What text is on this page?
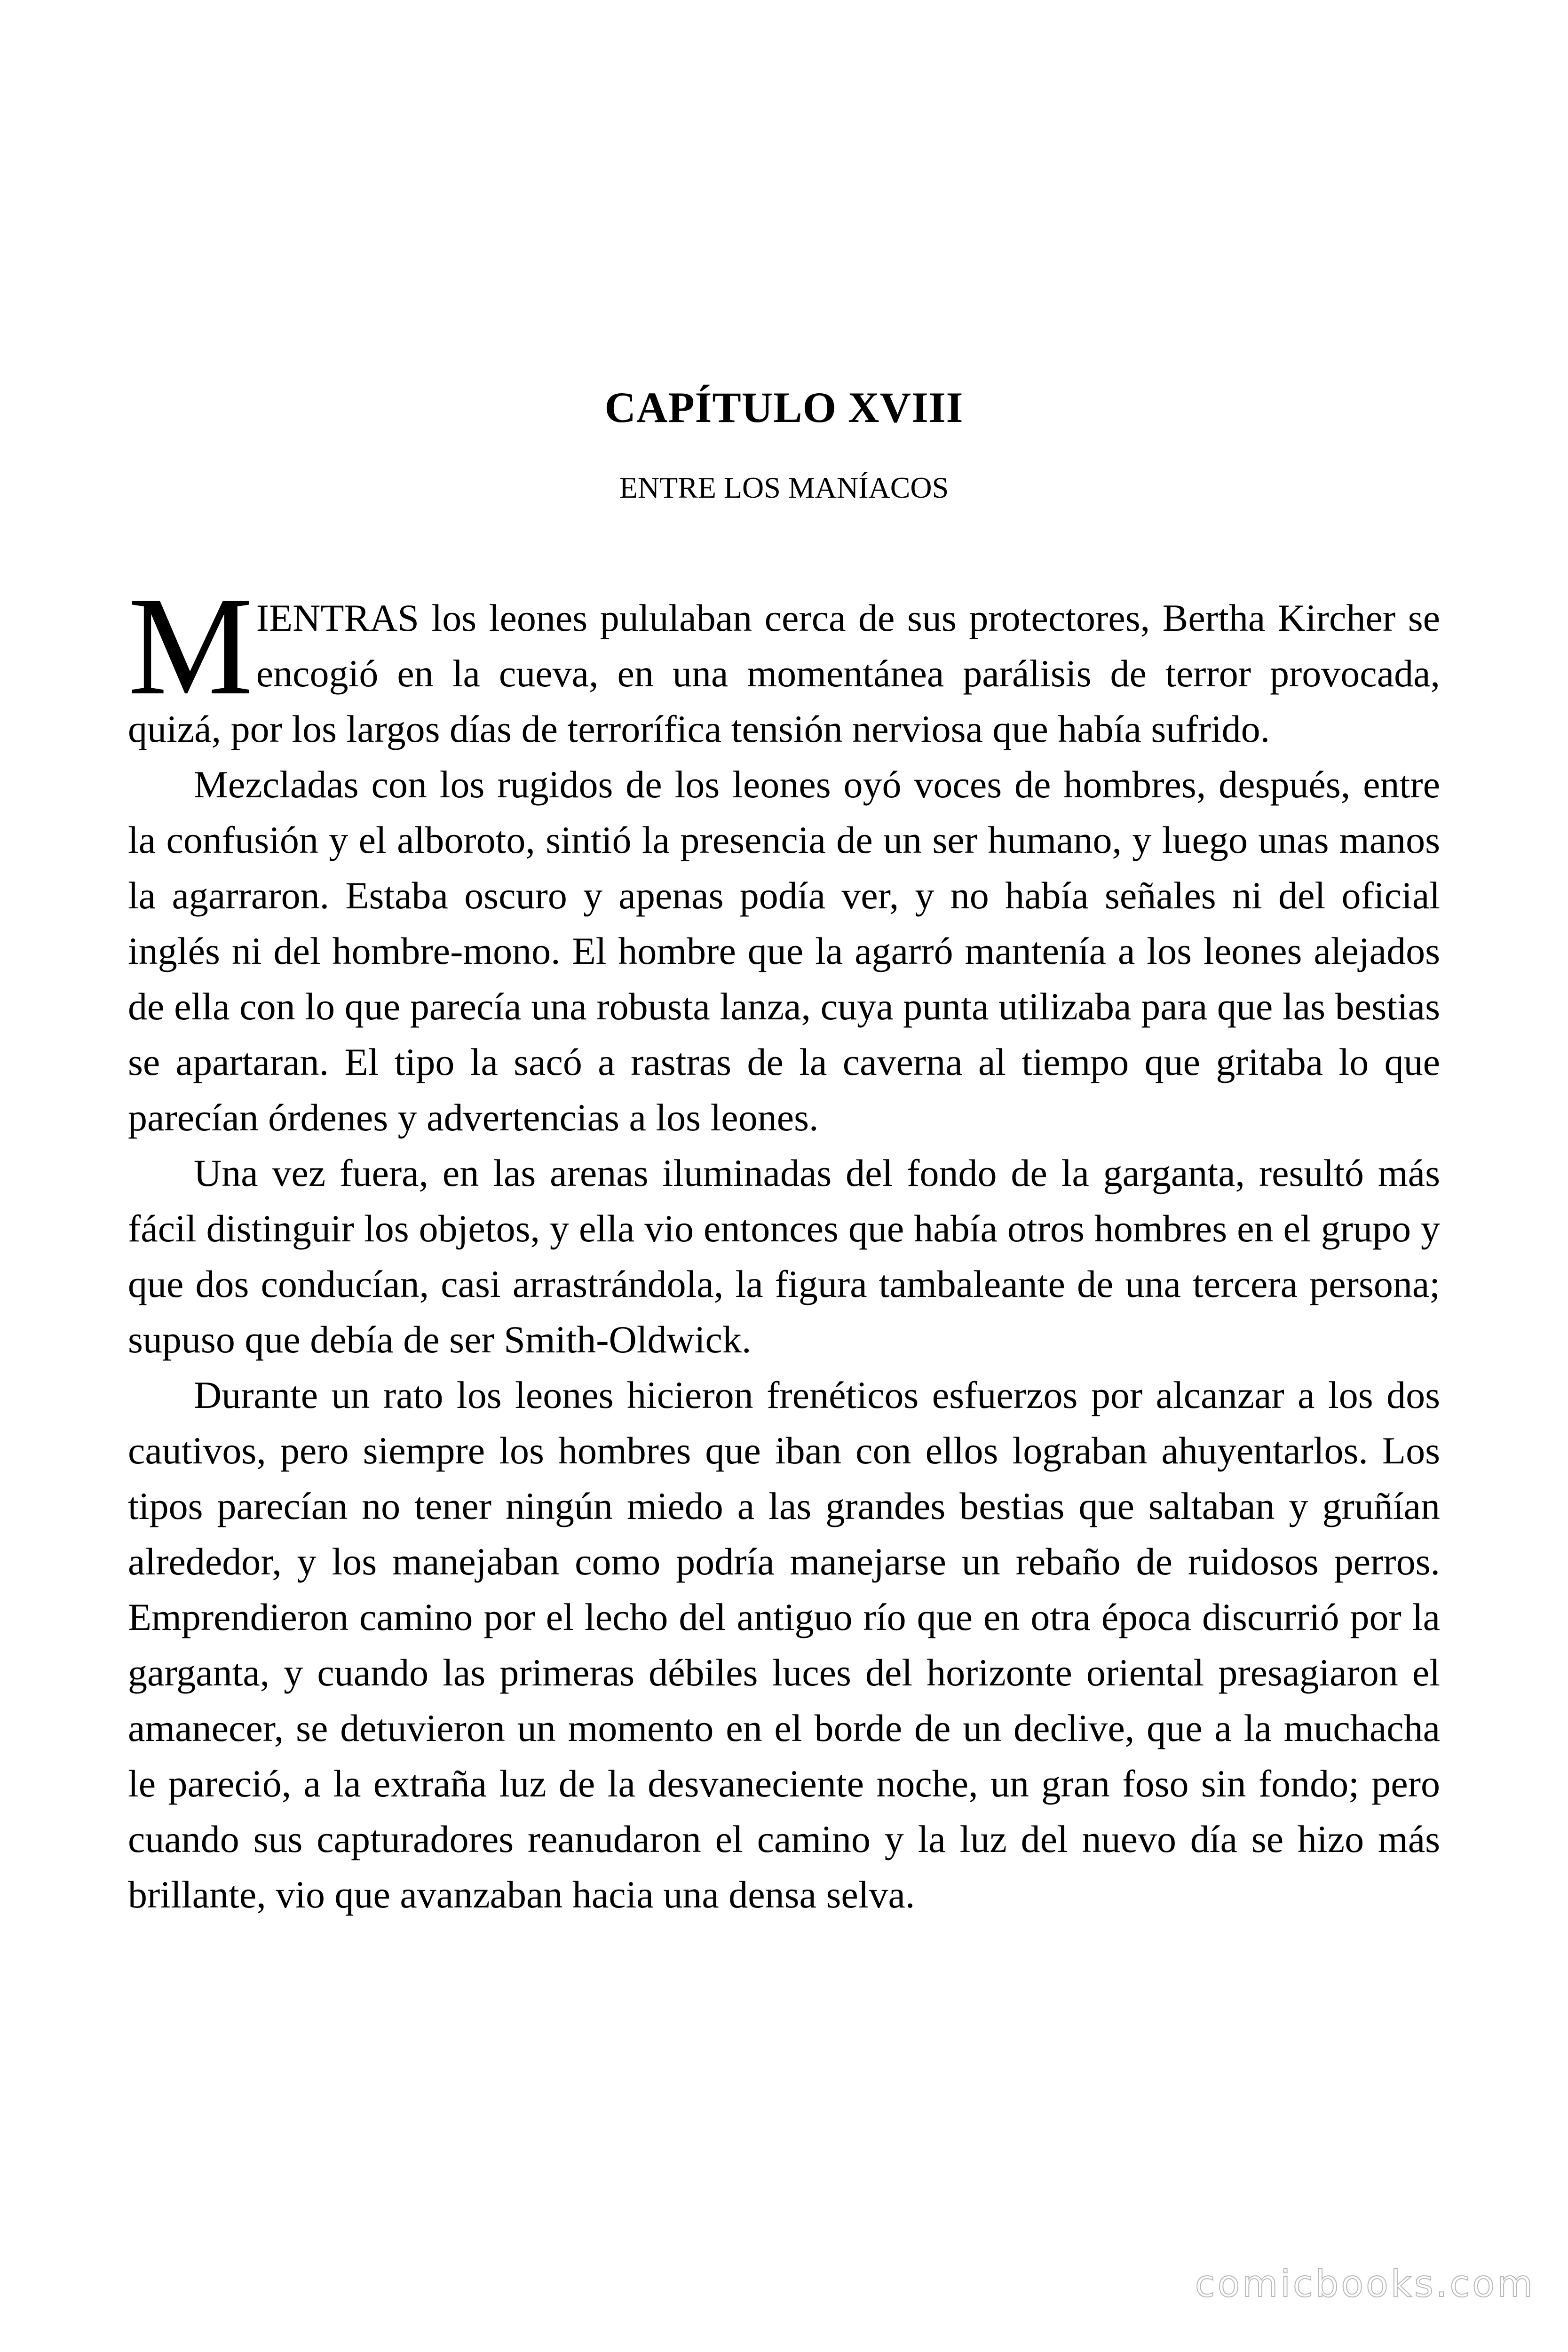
CAPÍTULO XVIII
ENTRE LOS MANÍACOS

MIENTRAS los leones pululaban cerca de sus protectores, Bertha Kircher se encogió en la cueva, en una momentánea parálisis de terror provocada, quizá, por los largos días de terrorífica tensión nerviosa que había sufrido.

Mezcladas con los rugidos de los leones oyó voces de hombres, después, entre la confusión y el alboroto, sintió la presencia de un ser humano, y luego unas manos la agarraron. Estaba oscuro y apenas podía ver, y no había señales ni del oficial inglés ni del hombre-mono. El hombre que la agarró mantenía a los leones alejados de ella con lo que parecía una robusta lanza, cuya punta utilizaba para que las bestias se apartaran. El tipo la sacó a rastras de la caverna al tiempo que gritaba lo que parecían órdenes y advertencias a los leones.

Una vez fuera, en las arenas iluminadas del fondo de la garganta, resultó más fácil distinguir los objetos, y ella vio entonces que había otros hombres en el grupo y que dos conducían, casi arrastrándola, la figura tambaleante de una tercera persona; supuso que debía de ser Smith-Oldwick.

Durante un rato los leones hicieron frenéticos esfuerzos por alcanzar a los dos cautivos, pero siempre los hombres que iban con ellos lograban ahuyentarlos. Los tipos parecían no tener ningún miedo a las grandes bestias que saltaban y gruñían alrededor, y los manejaban como podría manejarse un rebaño de ruidosos perros. Emprendieron camino por el lecho del antiguo río que en otra época discurrió por la garganta, y cuando las primeras débiles luces del horizonte oriental presagiaron el amanecer, se detuvieron un momento en el borde de un declive, que a la muchacha le pareció, a la extraña luz de la desvaneciente noche, un gran foso sin fondo; pero cuando sus capturadores reanudaron el camino y la luz del nuevo día se hizo más brillante, vio que avanzaban hacia una densa selva.

comicbooks.com
